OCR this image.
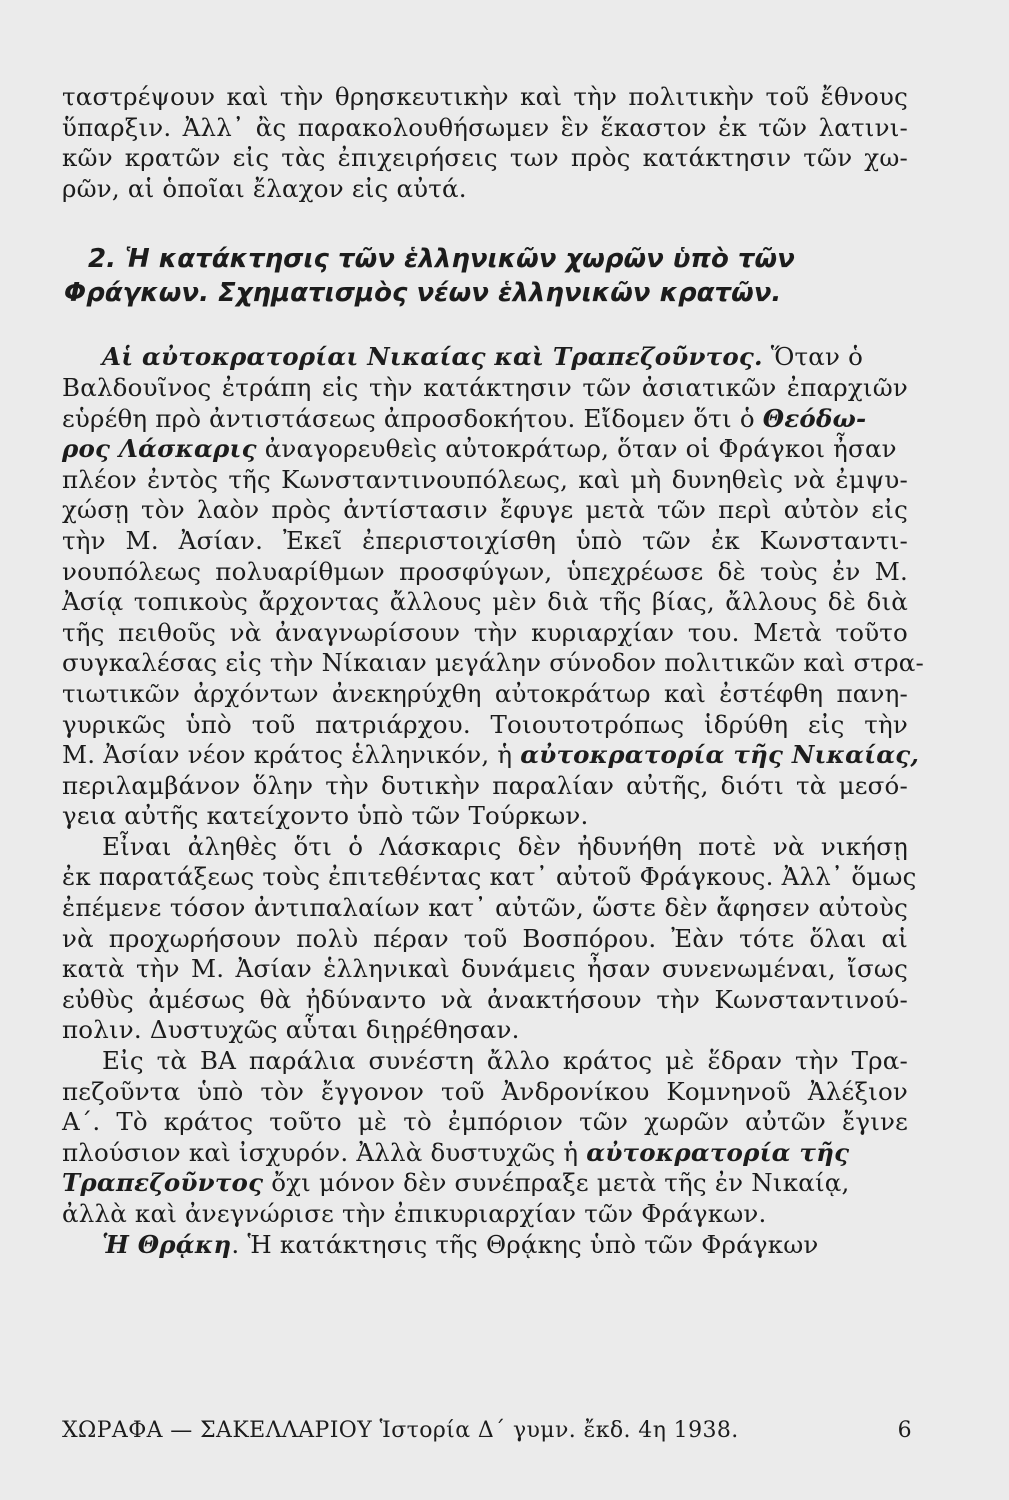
ταστρέψουν καὶ τὴν θρησκευτικὴν καὶ τὴν πολιτικὴν τοῦ ἔθνους
ὕπαρξιν. Ἀλλ᾽ ἂς παρακολουθήσωμεν ἓν ἕκαστον ἐκ τῶν λατινι-
κῶν κρατῶν εἰς τὰς ἐπιχειρήσεις των πρὸς κατάκτησιν τῶν χω-
ρῶν, αἱ ὁποῖαι ἔλαχον εἰς αὐτά.
2. Ἡ κατάκτησις τῶν ἑλληνικῶν χωρῶν ὑπὸ τῶν
Φράγκων. Σχηματισμὸς νέων ἑλληνικῶν κρατῶν.
Αἱ αὐτοκρατορίαι Νικαίας καὶ Τραπεζοῦντος. Ὅταν ὁ
Βαλδουῖνος ἐτράπη εἰς τὴν κατάκτησιν τῶν ἀσιατικῶν ἐπαρχιῶν
εὑρέθη πρὸ ἀντιστάσεως ἀπροσδοκήτου. Εἴδομεν ὅτι ὁ Θεόδω-
ρος Λάσκαρις ἀναγορευθεὶς αὐτοκράτωρ, ὅταν οἱ Φράγκοι ἦσαν
πλέον ἐντὸς τῆς Κωνσταντινουπόλεως, καὶ μὴ δυνηθεὶς νὰ ἐμψυ-
χώσῃ τὸν λαὸν πρὸς ἀντίστασιν ἔφυγε μετὰ τῶν περὶ αὐτὸν εἰς
τὴν Μ. Ἀσίαν. Ἐκεῖ ἐπεριστοιχίσθη ὑπὸ τῶν ἐκ Κωνσταντι-
νουπόλεως πολυαρίθμων προσφύγων, ὑπεχρέωσε δὲ τοὺς ἐν Μ.
Ἀσίᾳ τοπικοὺς ἄρχοντας ἄλλους μὲν διὰ τῆς βίας, ἄλλους δὲ διὰ
τῆς πειθοῦς νὰ ἀναγνωρίσουν τὴν κυριαρχίαν του. Μετὰ τοῦτο
συγκαλέσας εἰς τὴν Νίκαιαν μεγάλην σύνοδον πολιτικῶν καὶ στρα-
τιωτικῶν ἀρχόντων ἀνεκηρύχθη αὐτοκράτωρ καὶ ἐστέφθη πανη-
γυρικῶς ὑπὸ τοῦ πατριάρχου. Τοιουτοτρόπως ἱδρύθη εἰς τὴν
Μ. Ἀσίαν νέον κράτος ἑλληνικόν, ἡ αὐτοκρατορία τῆς Νικαίας,
περιλαμβάνον ὅλην τὴν δυτικὴν παραλίαν αὐτῆς, διότι τὰ μεσό-
γεια αὐτῆς κατείχοντο ὑπὸ τῶν Τούρκων.
Εἶναι ἀληθὲς ὅτι ὁ Λάσκαρις δὲν ἠδυνήθη ποτὲ νὰ νικήσῃ
ἐκ παρατάξεως τοὺς ἐπιτεθέντας κατ᾽ αὐτοῦ Φράγκους. Ἀλλ᾽ ὅμως
ἐπέμενε τόσον ἀντιπαλαίων κατ᾽ αὐτῶν, ὥστε δὲν ἄφησεν αὐτοὺς
νὰ προχωρήσουν πολὺ πέραν τοῦ Βοσπόρου. Ἐὰν τότε ὅλαι αἱ
κατὰ τὴν Μ. Ἀσίαν ἑλληνικαὶ δυνάμεις ἦσαν συνενωμέναι, ἴσως
εὐθὺς ἀμέσως θὰ ἠδύναντο νὰ ἀνακτήσουν τὴν Κωνσταντινού-
πολιν. Δυστυχῶς αὗται διῃρέθησαν.
Εἰς τὰ ΒΑ παράλια συνέστη ἄλλο κράτος μὲ ἕδραν τὴν Τρα-
πεζοῦντα ὑπὸ τὸν ἔγγονον τοῦ Ἀνδρονίκου Κομνηνοῦ Ἀλέξιον
Α΄. Τὸ κράτος τοῦτο μὲ τὸ ἐμπόριον τῶν χωρῶν αὐτῶν ἔγινε
πλούσιον καὶ ἰσχυρόν. Ἀλλὰ δυστυχῶς ἡ αὐτοκρατορία τῆς
Τραπεζοῦντος ὄχι μόνον δὲν συνέπραξε μετὰ τῆς ἐν Νικαίᾳ,
ἀλλὰ καὶ ἀνεγνώρισε τὴν ἐπικυριαρχίαν τῶν Φράγκων.
Ἡ Θρᾴκη. Ἡ κατάκτησις τῆς Θρᾴκης ὑπὸ τῶν Φράγκων
ΧΩΡΑΦΑ — ΣΑΚΕΛΛΑΡΙΟΥ Ἱστορία Δ΄ γυμν. ἔκδ. 4η 1938.	6
